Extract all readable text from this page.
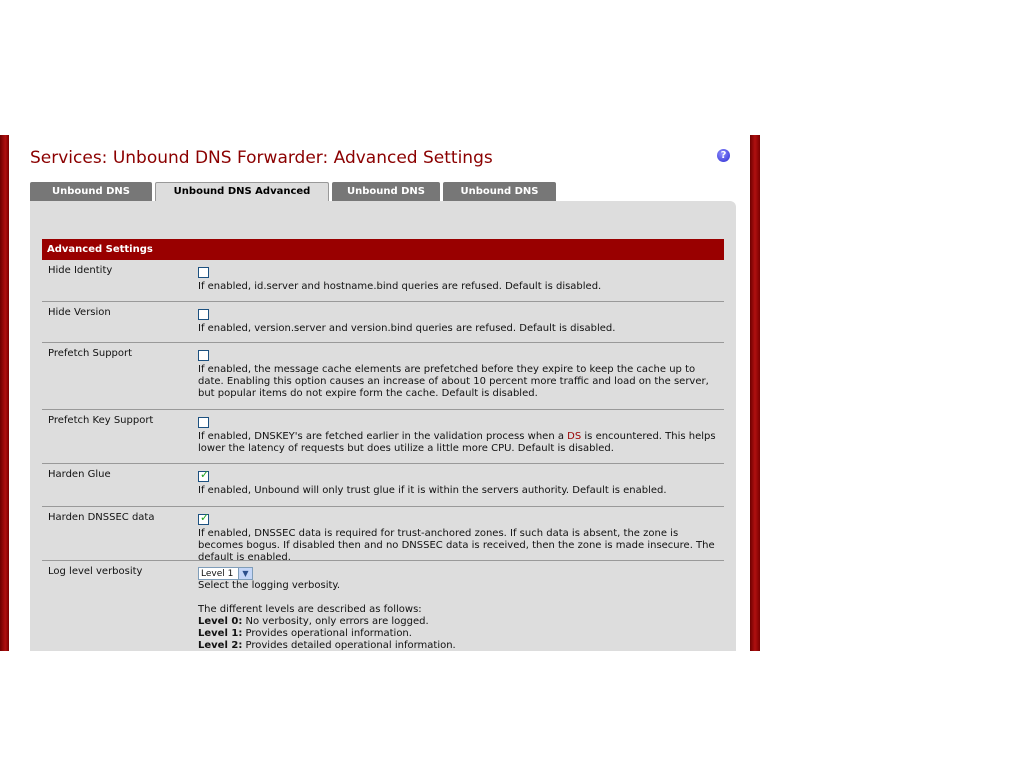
Services: Unbound DNS Forwarder: Advanced Settings	?
Unbound DNS	Unbound DNS Advanced	Unbound DNS	Unbound DNS
Advanced Settings
Hide Identity
If enabled, id.server and hostname.bind queries are refused. Default is disabled.
Hide Version
If enabled, version.server and version.bind queries are refused. Default is disabled.
Prefetch Support
If enabled, the message cache elements are prefetched before they expire to keep the cache up to date. Enabling this option causes an increase of about 10 percent more traffic and load on the server, but popular items do not expire form the cache. Default is disabled.
Prefetch Key Support
If enabled, DNSKEY's are fetched earlier in the validation process when a DS is encountered. This helps lower the latency of requests but does utilize a little more CPU. Default is disabled.
Harden Glue	✓
If enabled, Unbound will only trust glue if it is within the servers authority. Default is enabled.
Harden DNSSEC data	✓
If enabled, DNSSEC data is required for trust-anchored zones. If such data is absent, the zone is becomes bogus. If disabled then and no DNSSEC data is received, then the zone is made insecure. The default is enabled.
Log level verbosity	Level 1	▼
Select the logging verbosity.
The different levels are described as follows:
Level 0: No verbosity, only errors are logged.
Level 1: Provides operational information.
Level 2: Provides detailed operational information.
